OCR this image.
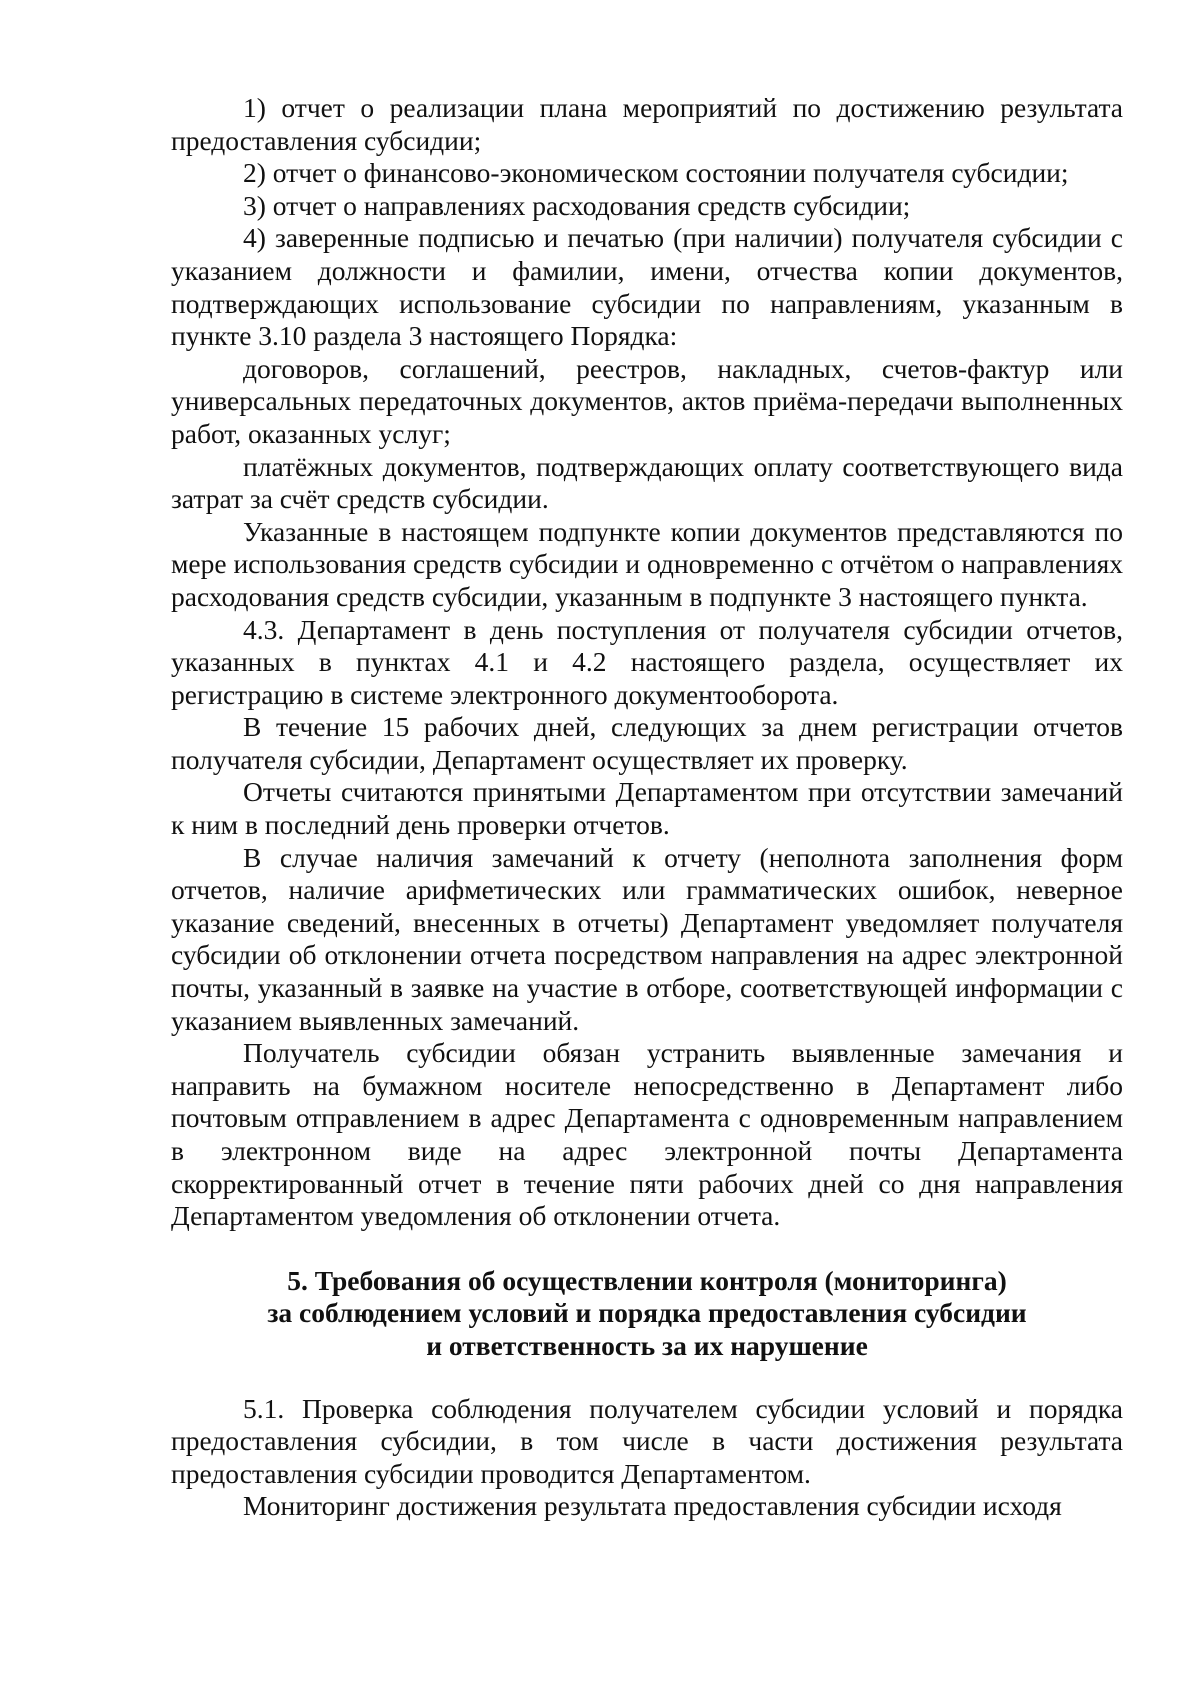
1) отчет о реализации плана мероприятий по достижению результата предоставления субсидии;

2) отчет о финансово-экономическом состоянии получателя субсидии;

3) отчет о направлениях расходования средств субсидии;

4) заверенные подписью и печатью (при наличии) получателя субсидии с указанием должности и фамилии, имени, отчества копии документов, подтверждающих использование субсидии по направлениям, указанным в пункте 3.10 раздела 3 настоящего Порядка:

договоров, соглашений, реестров, накладных, счетов-фактур или универсальных передаточных документов, актов приёма-передачи выполненных работ, оказанных услуг;

платёжных документов, подтверждающих оплату соответствующего вида затрат за счёт средств субсидии.

Указанные в настоящем подпункте копии документов представляются по мере использования средств субсидии и одновременно с отчётом о направлениях расходования средств субсидии, указанным в подпункте 3 настоящего пункта.

4.3. Департамент в день поступления от получателя субсидии отчетов, указанных в пунктах 4.1 и 4.2 настоящего раздела, осуществляет их регистрацию в системе электронного документооборота.

В течение 15 рабочих дней, следующих за днем регистрации отчетов получателя субсидии, Департамент осуществляет их проверку.

Отчеты считаются принятыми Департаментом при отсутствии замечаний к ним в последний день проверки отчетов.

В случае наличия замечаний к отчету (неполнота заполнения форм отчетов, наличие арифметических или грамматических ошибок, неверное указание сведений, внесенных в отчеты) Департамент уведомляет получателя субсидии об отклонении отчета посредством направления на адрес электронной почты, указанный в заявке на участие в отборе, соответствующей информации с указанием выявленных замечаний.

Получатель субсидии обязан устранить выявленные замечания и направить на бумажном носителе непосредственно в Департамент либо почтовым отправлением в адрес Департамента с одновременным направлением в электронном виде на адрес электронной почты Департамента скорректированный отчет в течение пяти рабочих дней со дня направления Департаментом уведомления об отклонении отчета.

5. Требования об осуществлении контроля (мониторинга)
за соблюдением условий и порядка предоставления субсидии
и ответственность за их нарушение

5.1. Проверка соблюдения получателем субсидии условий и порядка предоставления субсидии, в том числе в части достижения результата предоставления субсидии проводится Департаментом.

Мониторинг достижения результата предоставления субсидии исходя
